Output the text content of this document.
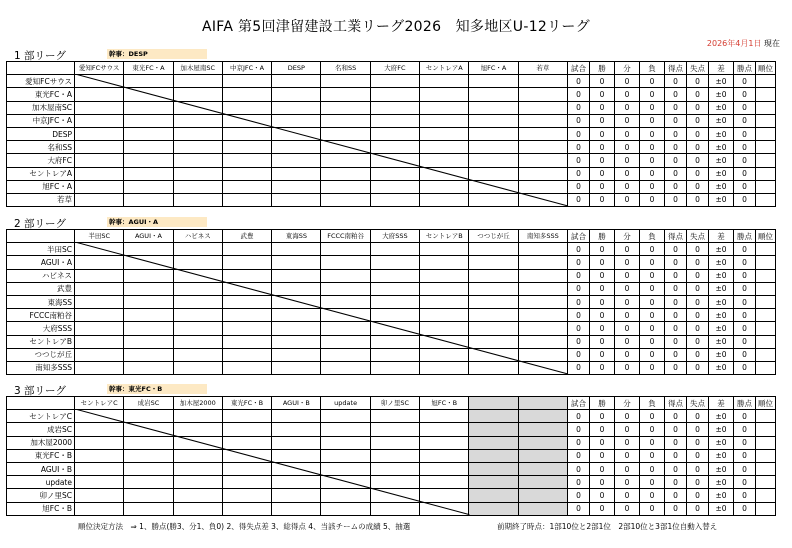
AIFA 第5回津留建設工業リーグ2026　知多地区U-12リーグ
2026年4月1日 現在
1 部リーグ	幹事：DESP
	愛知FCサウス	東光FC・A	加木屋南SC	中京JFC・A	DESP	名和SS	大府FC	セントレアA	旭FC・A	若草	試合	勝	分	負	得点	失点	差	勝点	順位
愛知FCサウス											0	0	0	0	0	0	±0	0	
東光FC・A											0	0	0	0	0	0	±0	0	
加木屋南SC											0	0	0	0	0	0	±0	0	
中京JFC・A											0	0	0	0	0	0	±0	0	
DESP											0	0	0	0	0	0	±0	0	
名和SS											0	0	0	0	0	0	±0	0	
大府FC											0	0	0	0	0	0	±0	0	
セントレアA											0	0	0	0	0	0	±0	0	
旭FC・A											0	0	0	0	0	0	±0	0	
若草											0	0	0	0	0	0	±0	0	
2 部リーグ	幹事：AGUI・A
	半田SC	AGUI・A	ハビネス	武豊	東海SS	FCCC南粕谷	大府SSS	セントレアB	つつじが丘	南知多SSS	試合	勝	分	負	得点	失点	差	勝点	順位
半田SC											0	0	0	0	0	0	±0	0	
AGUI・A											0	0	0	0	0	0	±0	0	
ハビネス											0	0	0	0	0	0	±0	0	
武豊											0	0	0	0	0	0	±0	0	
東海SS											0	0	0	0	0	0	±0	0	
FCCC南粕谷											0	0	0	0	0	0	±0	0	
大府SSS											0	0	0	0	0	0	±0	0	
セントレアB											0	0	0	0	0	0	±0	0	
つつじが丘											0	0	0	0	0	0	±0	0	
南知多SSS											0	0	0	0	0	0	±0	0	
3 部リーグ	幹事：東光FC・B
	セントレアC	成岩SC	加木屋2000	東光FC・B	AGUI・B	update	卯ノ里SC	旭FC・B			試合	勝	分	負	得点	失点	差	勝点	順位
セントレアC											0	0	0	0	0	0	±0	0	
成岩SC											0	0	0	0	0	0	±0	0	
加木屋2000											0	0	0	0	0	0	±0	0	
東光FC・B											0	0	0	0	0	0	±0	0	
AGUI・B											0	0	0	0	0	0	±0	0	
update											0	0	0	0	0	0	±0	0	
卯ノ里SC											0	0	0	0	0	0	±0	0	
旭FC・B											0	0	0	0	0	0	±0	0	
順位決定方法　⇒ 1、勝点(勝3、分1、負0) 2、得失点差 3、総得点 4、当該チームの成績 5、抽選	前期終了時点：1部10位と2部1位　2部10位と3部1位自動入替え
